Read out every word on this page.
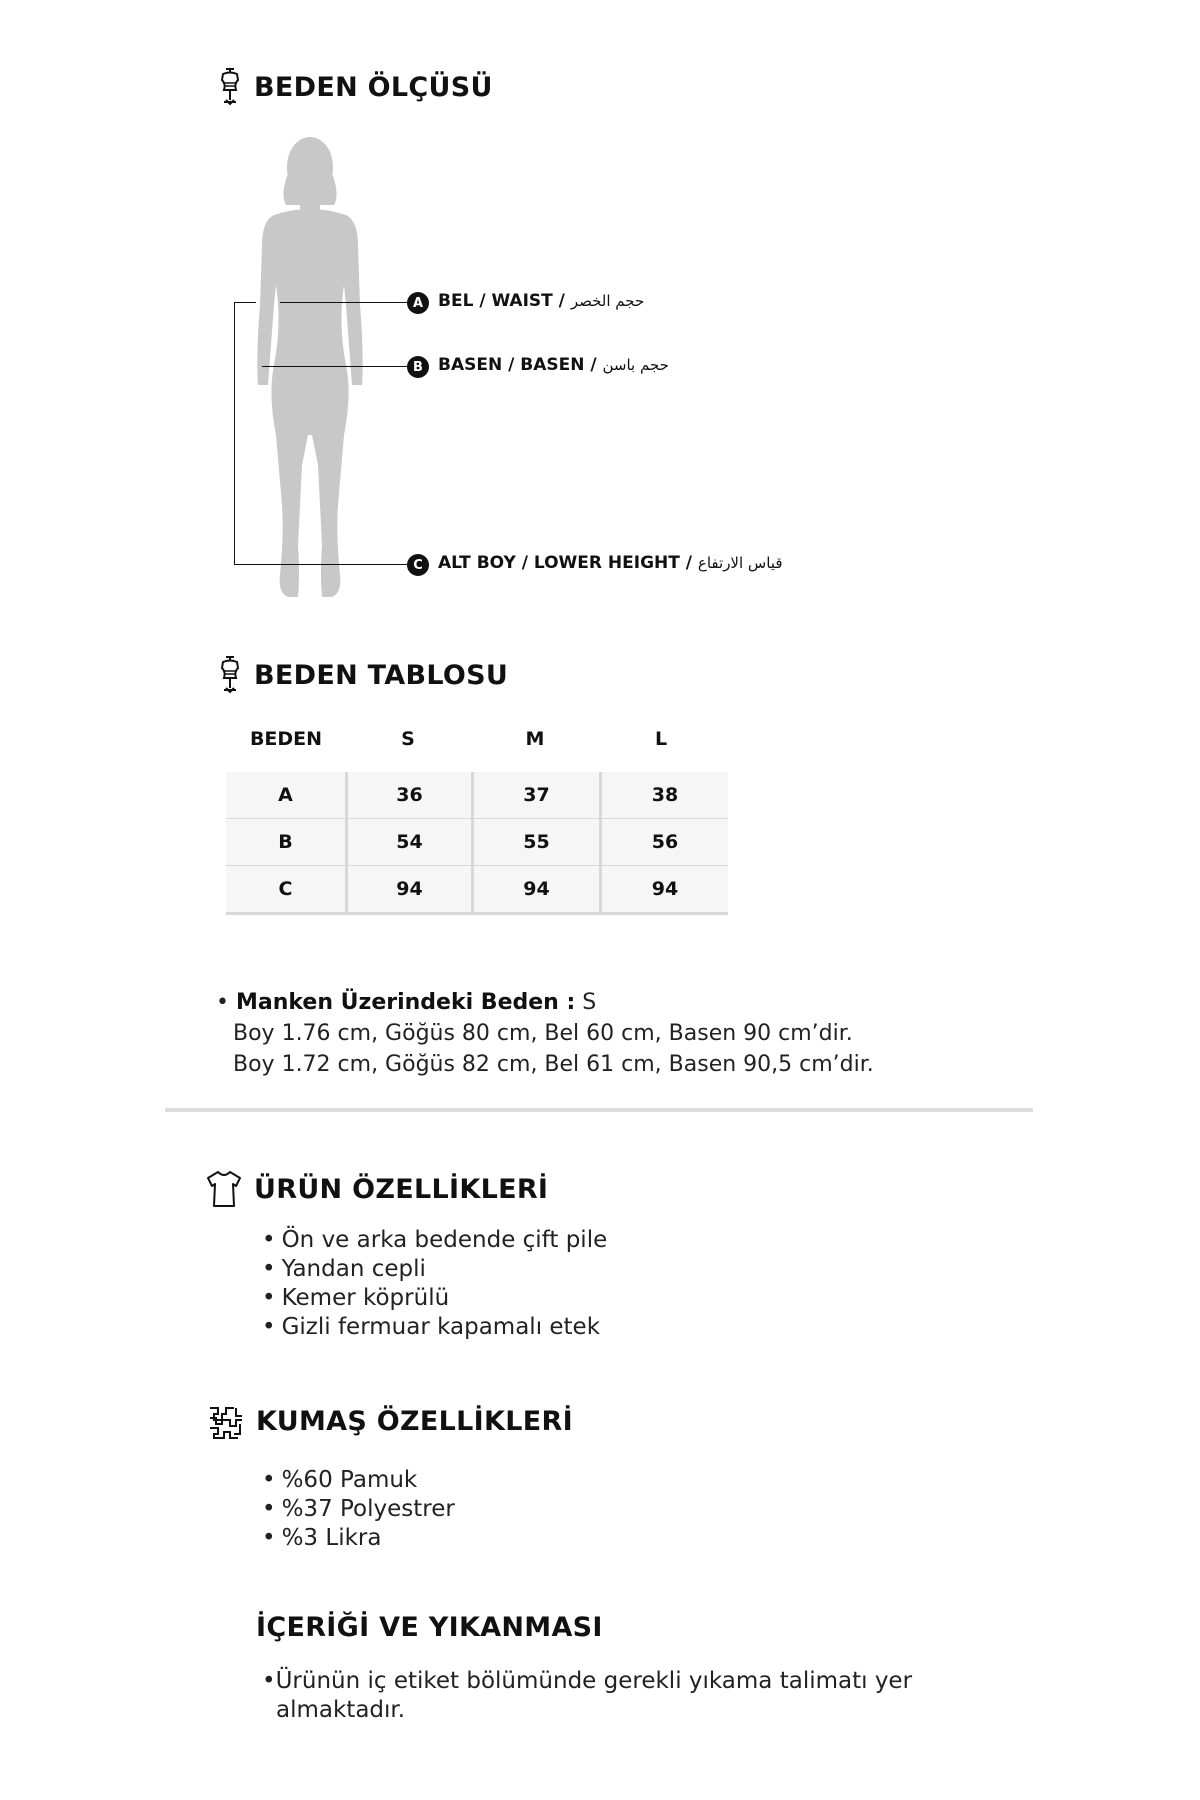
BEDEN ÖLÇÜSÜ
A BEL / WAIST / حجم الخصر
B BASEN / BASEN / حجم باسن
C ALT BOY / LOWER HEIGHT / قياس الارتفاع
BEDEN TABLOSU
BEDEN	S	M	L
A	36	37	38
B	54	55	56
C	94	94	94
• Manken Üzerindeki Beden : S
Boy 1.76 cm, Göğüs 80 cm, Bel 60 cm, Basen 90 cm’dir.
Boy 1.72 cm, Göğüs 82 cm, Bel 61 cm, Basen 90,5 cm’dir.
ÜRÜN ÖZELLİKLERİ
• Ön ve arka bedende çift pile
• Yandan cepli
• Kemer köprülü
• Gizli fermuar kapamalı etek
KUMAŞ ÖZELLİKLERİ
• %60 Pamuk
• %37 Polyestrer
• %3 Likra
İÇERİĞİ VE YIKANMASI
•Ürünün iç etiket bölümünde gerekli yıkama talimatı yer
almaktadır.
